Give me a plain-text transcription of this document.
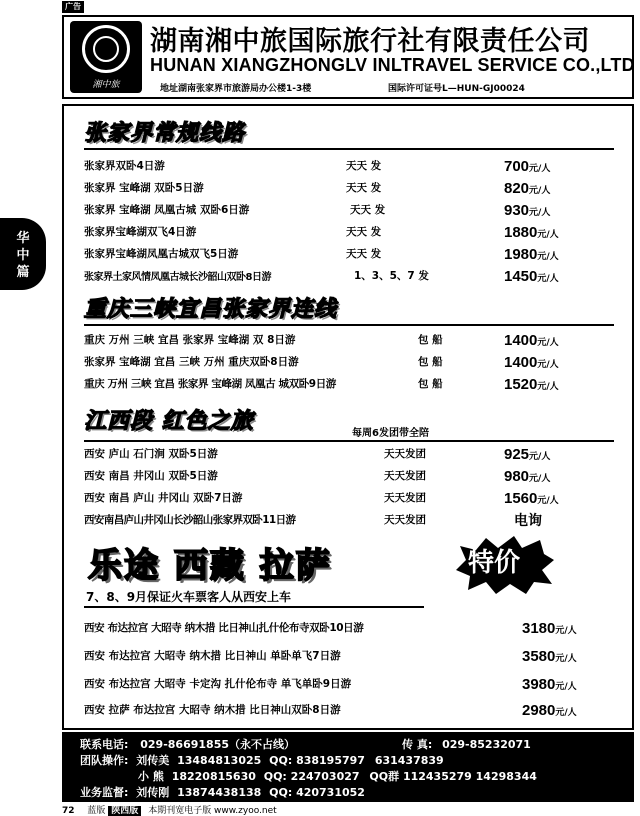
广告
湘中旅
湖南湘中旅国际旅行社有限责任公司
HUNAN XIANGZHONGLV INLTRAVEL SERVICE CO.,LTD
地址湖南张家界市旅游局办公楼1-3楼	国际许可证号L—HUN-GJ00024
华
中
篇
张家界常规线路
张家界双卧4日游	天天 发	700元/人
张家界 宝峰湖 双卧5日游	天天 发	820元/人
张家界 宝峰湖 凤凰古城 双卧6日游	天天 发	930元/人
张家界宝峰湖双飞4日游	天天 发	1880元/人
张家界宝峰湖凤凰古城双飞5日游	天天 发	1980元/人
张家界土家风情凤凰古城长沙韶山双卧8日游	1、3、5、7 发	1450元/人
重庆三峡宜昌张家界连线
重庆 万州 三峡 宜昌 张家界 宝峰湖 双 8日游	包 船	1400元/人
张家界 宝峰湖 宜昌 三峡 万州 重庆双卧8日游	包 船	1400元/人
重庆 万州 三峡 宜昌 张家界 宝峰湖 凤凰古 城双卧9日游	包 船	1520元/人
江西段 红色之旅	每周6发团带全陪
西安 庐山 石门涧 双卧5日游	天天发团	925元/人
西安 南昌 井冈山 双卧5日游	天天发团	980元/人
西安 南昌 庐山 井冈山 双卧7日游	天天发团	1560元/人
西安南昌庐山井冈山长沙韶山张家界双卧11日游	天天发团	电询
乐途 西藏 拉萨	特价
7、8、9月保证火车票客人从西安上车
西安 布达拉宫 大昭寺 纳木措 比日神山扎什伦布寺双卧10日游	3180元/人
西安 布达拉宫 大昭寺 纳木措 比日神山 单卧单飞7日游	3580元/人
西安 布达拉宫 大昭寺 卡定沟 扎什伦布寺 单飞单卧9日游	3980元/人
西安 拉萨 布达拉宫 大昭寺 纳木措 比日神山双卧8日游	2980元/人
联系电话: 029-86691855（永不占线）	传 真: 029-85232071
团队操作: 刘传美 13484813025 QQ: 838195797 631437839
小 熊 18220815630 QQ: 224703027 QQ群 112435279 14298344
业务监督: 刘传刚 13874438138 QQ: 420731052
72 蓝版 陕西版 本期刊宽电子版 www.zyoo.net
